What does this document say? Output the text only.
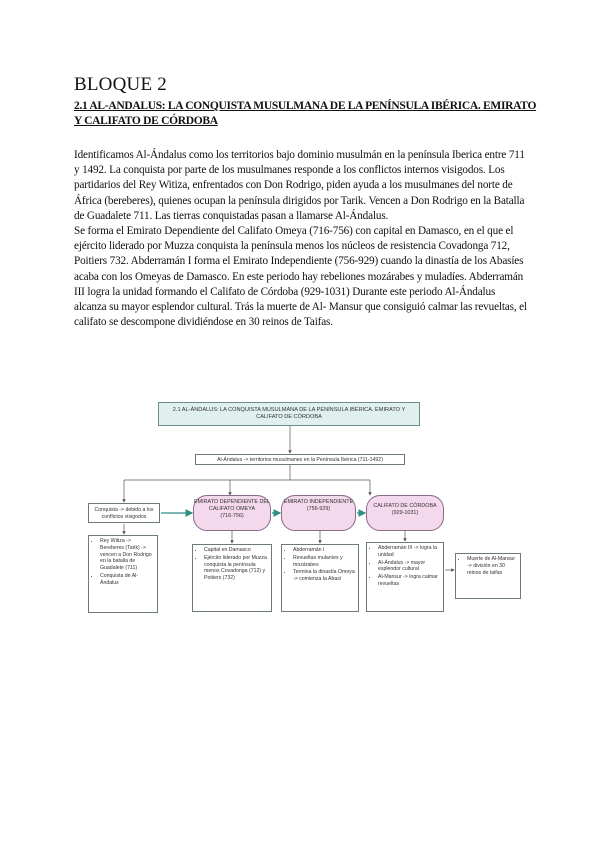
BLOQUE 2
2.1 AL-ANDALUS: LA CONQUISTA MUSULMANA DE LA PENÍNSULA IBÉRICA. EMIRATO Y CALIFATO DE CÓRDOBA

Identificamos Al-Ándalus como los territorios bajo dominio musulmán en la península Iberica entre 711 y 1492. La conquista por parte de los musulmanes responde a los conflictos internos visigodos. Los partidarios del Rey Witiza, enfrentados con Don Rodrigo, piden ayuda a los musulmanes del norte de África (bereberes), quienes ocupan la península dirigidos por Tarik. Vencen a Don Rodrigo en la Batalla de Guadalete 711. Las tierras conquistadas pasan a llamarse Al-Ándalus.

Se forma el Emirato Dependiente del Califato Omeya (716-756) con capital en Damasco, en el que el ejército liderado por Muzza conquista la península menos los núcleos de resistencia Covadonga 712, Poitiers 732. Abderramán I forma el Emirato Independiente (756-929) cuando la dinastía de los Abasíes acaba con los Omeyas de Damasco. En este periodo hay rebeliones mozárabes y muladíes. Abderramán III logra la unidad formando el Califato de Córdoba (929-1031) Durante este periodo Al-Ándalus alcanza su mayor esplendor cultural. Trás la muerte de Al- Mansur que consiguió calmar las revueltas, el califato se descompone dividiéndose en 30 reinos de Taifas.

2.1 AL-ÁNDALUS: LA CONQUISTA MUSULMANA DE LA PENÍNSULA IBÉRICA. EMIRATO Y CALIFATO DE CÓRDOBA
Al-Ándalus -> territorios musulmanes en la Península Ibérica (711-1492)
Conquista -> debido a los conflictos visigodos
EMIRATO DEPENDIENTE DEL CALIFATO OMEYA
(716-756)
EMIRATO INDEPENDIENTE
(756-929)	CALIFATO DE CÓRDOBA
(929-1031)
• Rey Witiza -> Bereberes (Tarik) -> vencen a Don Rodrigo en la batalla de Guadalete (711)
• Conquista de Al-Ándalus
• Capital en Damasco
• Ejército liderado por Muzza conquista la península menos Covadonga (712) y Poitiers (732)
• Abderramán I
• Revueltas mulaníes y mozárabes
• Termina la dinastía Omeya -> comienza la Abasí
• Abderramán III -> logra la unidad
• Al-Ándalus -> mayor esplendor cultural
• Al-Mansur -> logra calmar revueltas
• Muerte de Al-Mansur -> división en 30 reinos de taifas
